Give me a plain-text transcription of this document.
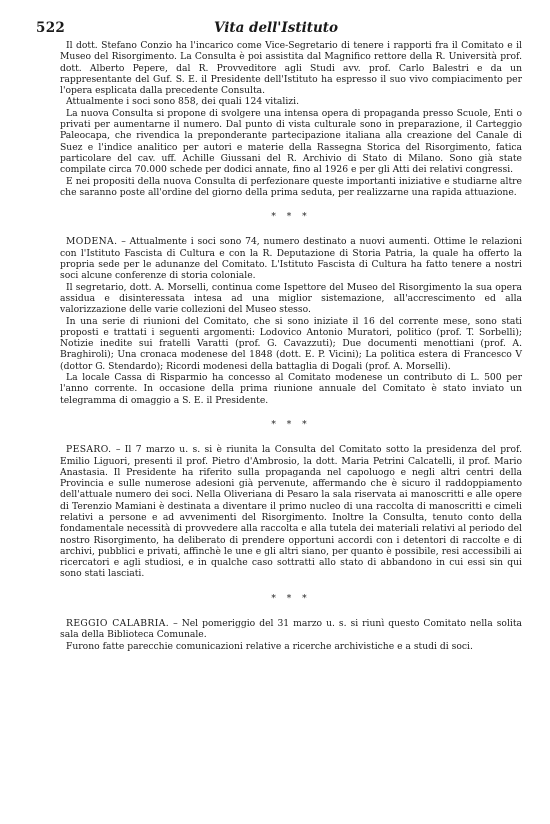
522	Vita dell'Istituto

Il dott. Stefano Conzio ha l'incarico come Vice-Segretario di tenere i rapporti fra il Comitato e il Museo del Risorgimento. La Consulta è poi assistita dal Magnifico rettore della R. Università prof. dott. Alberto Pepere, dal R. Provveditore agli Studi avv. prof. Carlo Balestri e da un rappresentante del Guf. S. E. il Presidente dell'Istituto ha espresso il suo vivo compiacimento per l'opera esplicata dalla precedente Consulta.

Attualmente i soci sono 858, dei quali 124 vitalizi.

La nuova Consulta si propone di svolgere una intensa opera di propaganda presso Scuole, Enti o privati per aumentarne il numero. Dal punto di vista culturale sono in preparazione, il Carteggio Paleocapa, che rivendica la preponderante partecipazione italiana alla creazione del Canale di Suez e l'indice analitico per autori e materie della Rassegna Storica del Risorgimento, fatica particolare del cav. uff. Achille Giussani del R. Archivio di Stato di Milano. Sono già state compilate circa 70.000 schede per dodici annate, fino al 1926 e per gli Atti dei relativi congressi.

E nei propositi della nuova Consulta di perfezionare queste importanti iniziative e studiarne altre che saranno poste all'ordine del giorno della prima seduta, per realizzarne una rapida attuazione.

* * *

MODENA. – Attualmente i soci sono 74, numero destinato a nuovi aumenti. Ottime le relazioni con l'Istituto Fascista di Cultura e con la R. Deputazione di Storia Patria, la quale ha offerto la propria sede per le adunanze del Comitato. L'Istituto Fascista di Cultura ha fatto tenere a nostri soci alcune conferenze di storia coloniale.

Il segretario, dott. A. Morselli, continua come Ispettore del Museo del Risorgimento la sua opera assidua e disinteressata intesa ad una miglior sistemazione, all'accrescimento ed alla valorizzazione delle varie collezioni del Museo stesso.

In una serie di riunioni del Comitato, che si sono iniziate il 16 del corrente mese, sono stati proposti e trattati i seguenti argomenti: Lodovico Antonio Muratori, politico (prof. T. Sorbelli); Notizie inedite sui fratelli Varatti (prof. G. Cavazzuti); Due documenti menottiani (prof. A. Braghiroli); Una cronaca modenese del 1848 (dott. E. P. Vicini); La politica estera di Francesco V (dottor G. Stendardo); Ricordi modenesi della battaglia di Dogali (prof. A. Morselli).

La locale Cassa di Risparmio ha concesso al Comitato modenese un contributo di L. 500 per l'anno corrente. In occasione della prima riunione annuale del Comitato è stato inviato un telegramma di omaggio a S. E. il Presidente.

* * *

PESARO. – Il 7 marzo u. s. si è riunita la Consulta del Comitato sotto la presidenza del prof. Emilio Liguori, presenti il prof. Pietro d'Ambrosio, la dott. Maria Petrini Calcatelli, il prof. Mario Anastasia. Il Presidente ha riferito sulla propaganda nel capoluogo e negli altri centri della Provincia e sulle numerose adesioni già pervenute, affermando che è sicuro il raddoppiamento dell'attuale numero dei soci. Nella Oliveriana di Pesaro la sala riservata ai manoscritti e alle opere di Terenzio Mamiani è destinata a diventare il primo nucleo di una raccolta di manoscritti e cimeli relativi a persone e ad avvenimenti del Risorgimento. Inoltre la Consulta, tenuto conto della fondamentale necessità di provvedere alla raccolta e alla tutela dei materiali relativi al periodo del nostro Risorgimento, ha deliberato di prendere opportuni accordi con i detentori di raccolte e di archivi, pubblici e privati, affinchè le une e gli altri siano, per quanto è possibile, resi accessibili ai ricercatori e agli studiosi, e in qualche caso sottratti allo stato di abbandono in cui essi sin qui sono stati lasciati.

* * *

REGGIO CALABRIA. – Nel pomeriggio del 31 marzo u. s. si riunì questo Comitato nella solita sala della Biblioteca Comunale.

Furono fatte parecchie comunicazioni relative a ricerche archivistiche e a studi di soci.
